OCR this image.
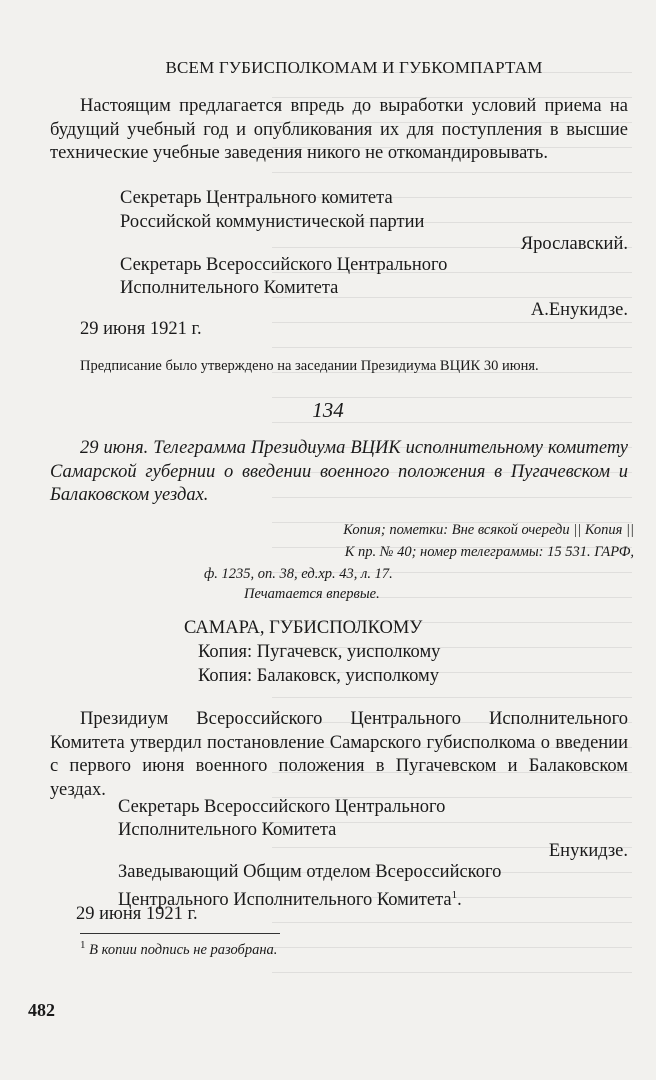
ВСЕМ ГУБИСПОЛКОМАМ И ГУБКОМПАРТАМ
Настоящим предлагается впредь до выработки условий приема на будущий учебный год и опубликования их для поступления в высшие технические учебные заведения никого не откомандировывать.
Секретарь Центрального комитета
Российской коммунистической партии
Ярославский.
Секретарь Всероссийского Центрального
Исполнительного Комитета
А.Енукидзе.
29 июня 1921 г.
Предписание было утверждено на заседании Президиума ВЦИК 30 июня.
134
29 июня. Телеграмма Президиума ВЦИК исполнительному комитету Самарской губернии о введении военного положения в Пугачевском и Балаковском уездах.
Копия; пометки: Вне всякой очереди || Копия ||
К пр. № 40; номер телеграммы: 15 531. ГАРФ,
ф. 1235, оп. 38, ед.хр. 43, л. 17.
Печатается впервые.
САМАРА, ГУБИСПОЛКОМУ
Копия: Пугачевск, уисполкому
Копия: Балаковск, уисполкому
Президиум Всероссийского Центрального Исполнительного Комитета утвердил постановление Самарского губисполкома о введении с первого июня военного положения в Пугачевском и Балаковском уездах.
Секретарь Всероссийского Центрального
Исполнительного Комитета
Енукидзе.
Заведывающий Общим отделом Всероссийского
Центрального Исполнительного Комитета$^1$.
29 июня 1921 г.
$^1$ В копии подпись не разобрана.
482
